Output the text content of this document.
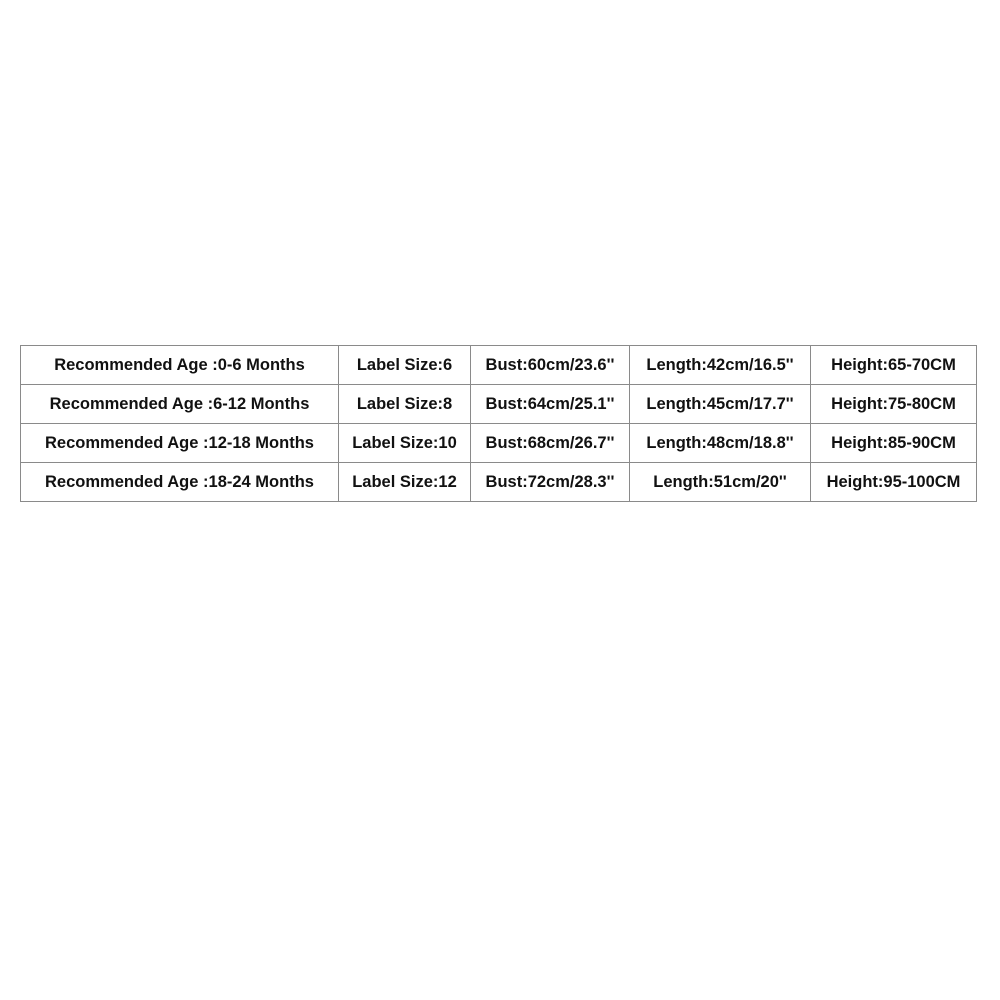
Recommended Age :0-6 Months	Label Size:6	Bust:60cm/23.6''	Length:42cm/16.5''	Height:65-70CM
Recommended Age :6-12 Months	Label Size:8	Bust:64cm/25.1''	Length:45cm/17.7''	Height:75-80CM
Recommended Age :12-18 Months	Label Size:10	Bust:68cm/26.7''	Length:48cm/18.8''	Height:85-90CM
Recommended Age :18-24 Months	Label Size:12	Bust:72cm/28.3''	Length:51cm/20''	Height:95-100CM
